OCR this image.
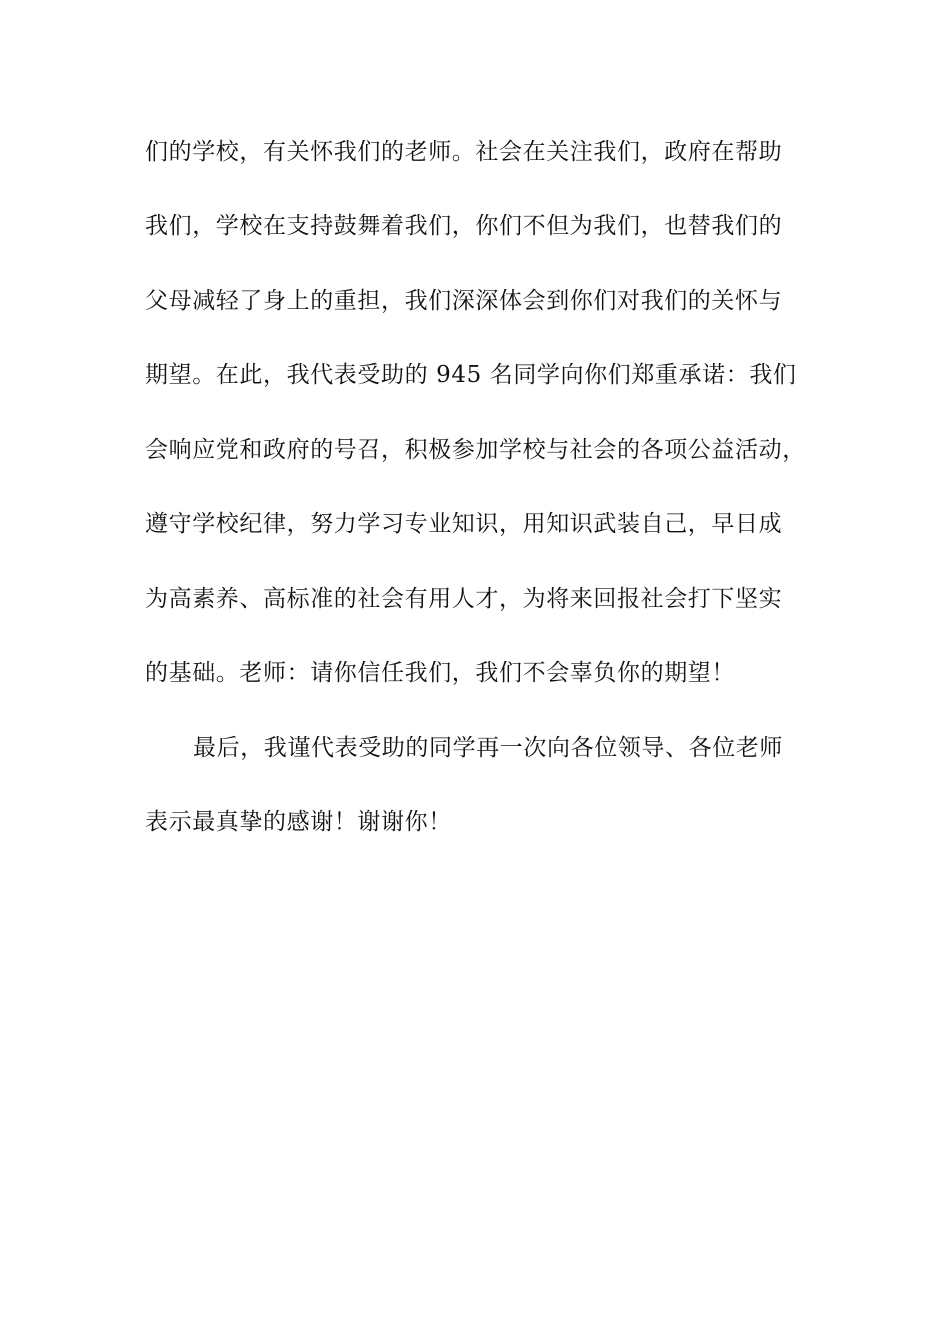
们的学校，有关怀我们的老师。社会在关注我们，政府在帮助
我们，学校在支持鼓舞着我们，你们不但为我们，也替我们的
父母减轻了身上的重担，我们深深体会到你们对我们的关怀与
期望。在此，我代表受助的 945 名同学向你们郑重承诺：我们
会响应党和政府的号召，积极参加学校与社会的各项公益活动，
遵守学校纪律，努力学习专业知识，用知识武装自己，早日成
为高素养、高标准的社会有用人才，为将来回报社会打下坚实
的基础。老师：请你信任我们，我们不会辜负你的期望！
最后，我谨代表受助的同学再一次向各位领导、各位老师
表示最真挚的感谢！谢谢你！
